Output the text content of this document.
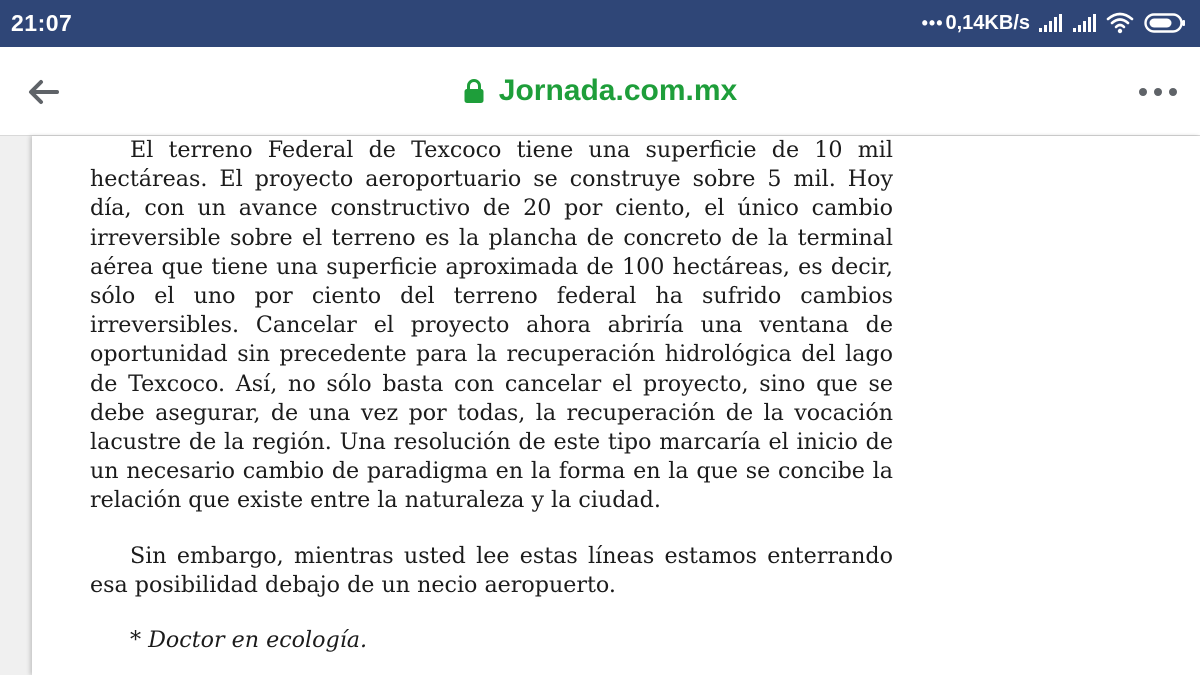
21:07	••• 0,14KB/s
Jornada.com.mx

El terreno Federal de Texcoco tiene una superficie de 10 mil hectáreas. El proyecto aeroportuario se construye sobre 5 mil. Hoy día, con un avance constructivo de 20 por ciento, el único cambio irreversible sobre el terreno es la plancha de concreto de la terminal aérea que tiene una superficie aproximada de 100 hectáreas, es decir, sólo el uno por ciento del terreno federal ha sufrido cambios irreversibles. Cancelar el proyecto ahora abriría una ventana de oportunidad sin precedente para la recuperación hidrológica del lago de Texcoco. Así, no sólo basta con cancelar el proyecto, sino que se debe asegurar, de una vez por todas, la recuperación de la vocación lacustre de la región. Una resolución de este tipo marcaría el inicio de un necesario cambio de paradigma en la forma en la que se concibe la relación que existe entre la naturaleza y la ciudad.

Sin embargo, mientras usted lee estas líneas estamos enterrando esa posibilidad debajo de un necio aeropuerto.

* Doctor en ecología.
